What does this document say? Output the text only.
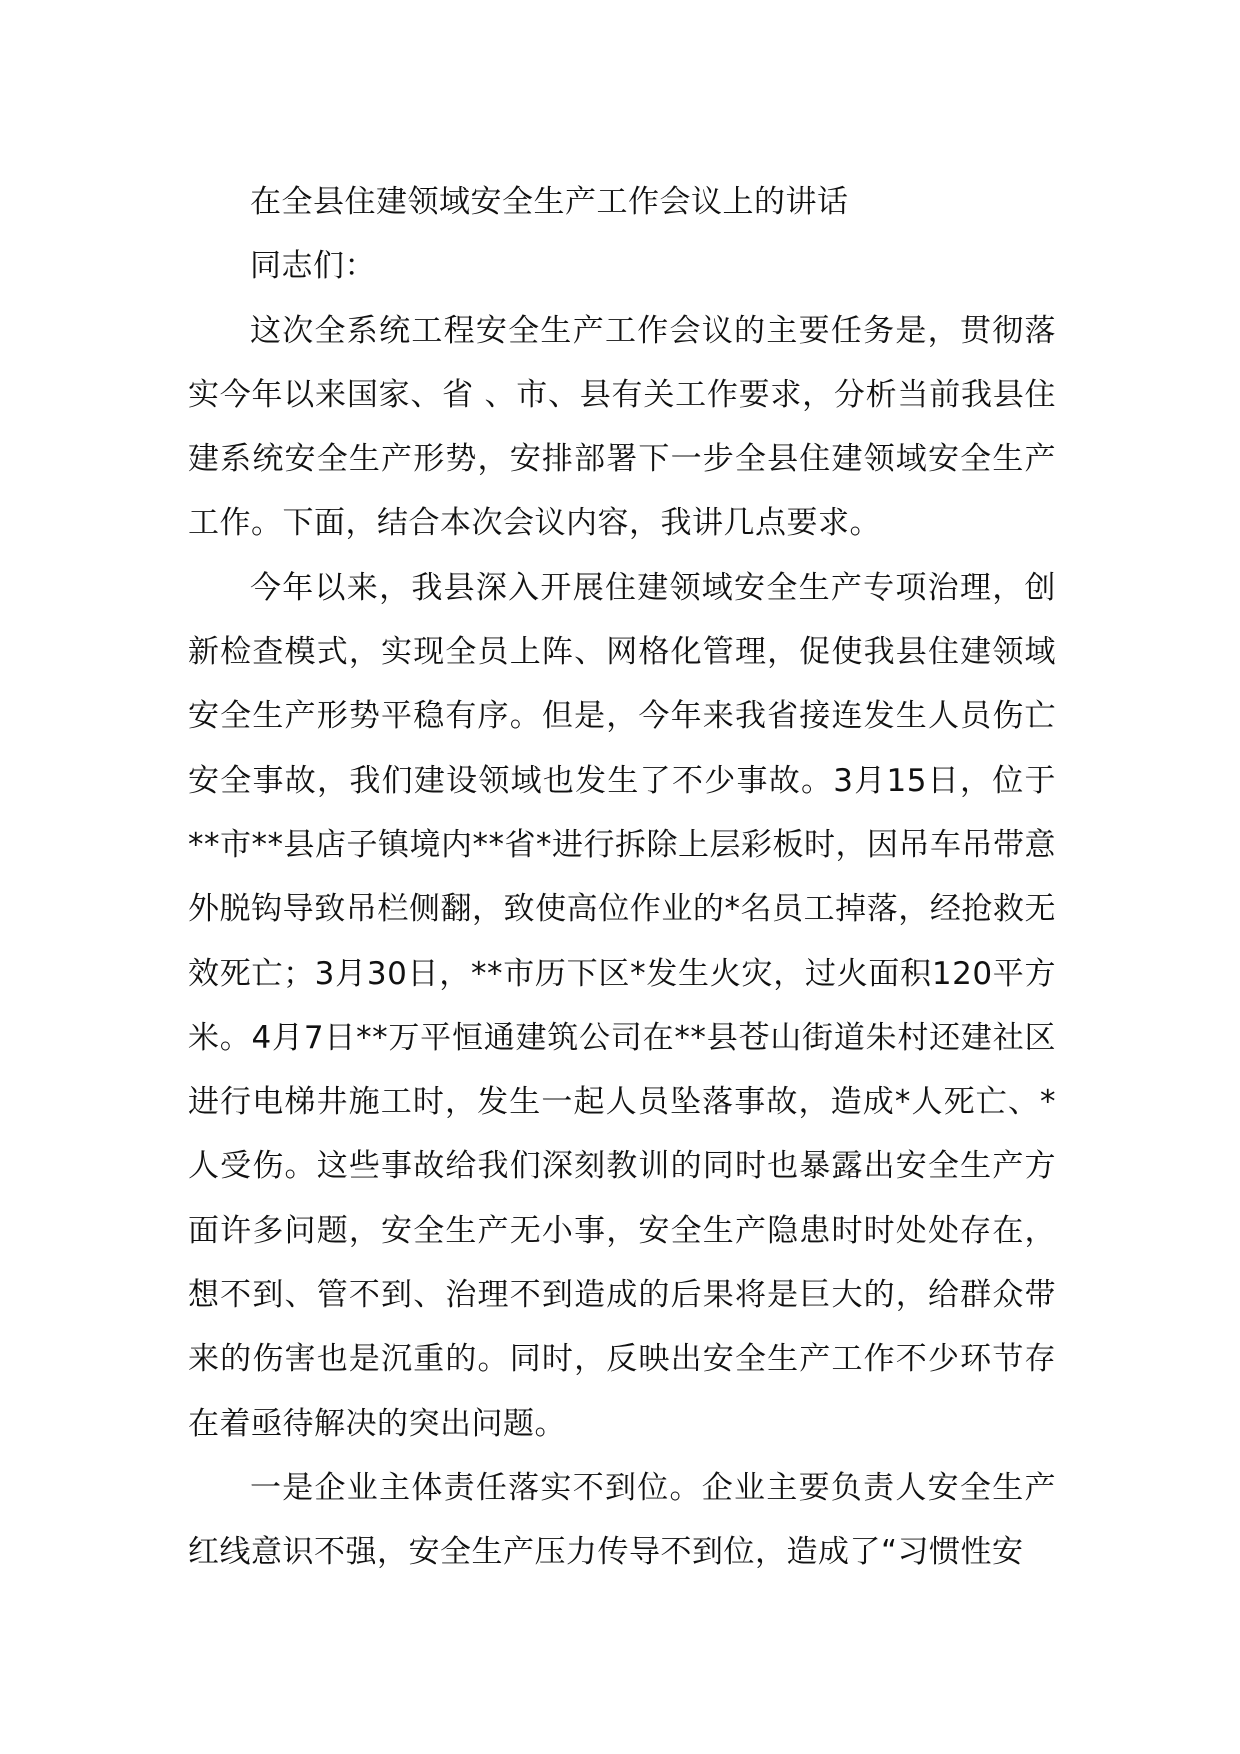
在全县住建领域安全生产工作会议上的讲话

同志们：

这次全系统工程安全生产工作会议的主要任务是，贯彻落实今年以来国家、省 、市、县有关工作要求，分析当前我县住建系统安全生产形势，安排部署下一步全县住建领域安全生产工作。下面，结合本次会议内容，我讲几点要求。

今年以来，我县深入开展住建领域安全生产专项治理，创新检查模式，实现全员上阵、网格化管理，促使我县住建领域安全生产形势平稳有序。但是，今年来我省接连发生人员伤亡安全事故，我们建设领域也发生了不少事故。3月15日，位于**市**县店子镇境内**省*进行拆除上层彩板时，因吊车吊带意外脱钩导致吊栏侧翻，致使高位作业的*名员工掉落，经抢救无效死亡；3月30日，**市历下区*发生火灾，过火面积120平方米。4月7日**万平恒通建筑公司在**县苍山街道朱村还建社区进行电梯井施工时，发生一起人员坠落事故，造成*人死亡、*人受伤。这些事故给我们深刻教训的同时也暴露出安全生产方面许多问题，安全生产无小事，安全生产隐患时时处处存在，想不到、管不到、治理不到造成的后果将是巨大的，给群众带来的伤害也是沉重的。同时，反映出安全生产工作不少环节存在着亟待解决的突出问题。

一是企业主体责任落实不到位。企业主要负责人安全生产红线意识不强，安全生产压力传导不到位，造成了“习惯性安
